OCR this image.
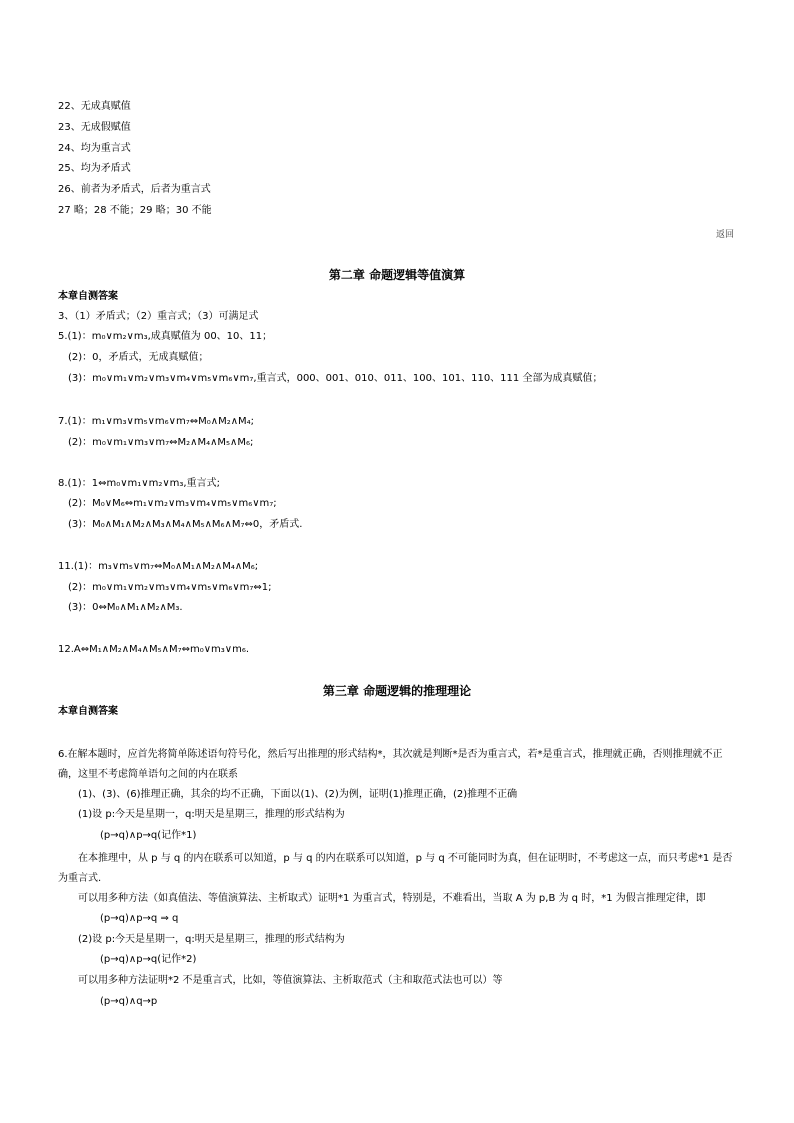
22、无成真赋值
23、无成假赋值
24、均为重言式
25、均为矛盾式
26、前者为矛盾式，后者为重言式
27 略；28 不能；29 略；30 不能
返回
第二章 命题逻辑等值演算
本章自测答案
3、（1）矛盾式；（2）重言式；（3）可满足式
5.(1)：m₀∨m₂∨m₃,成真赋值为 00、10、11；
(2)：0，矛盾式，无成真赋值；
(3)：m₀∨m₁∨m₂∨m₃∨m₄∨m₅∨m₆∨m₇,重言式，000、001、010、011、100、101、110、111 全部为成真赋值；
7.(1)：m₁∨m₃∨m₅∨m₆∨m₇⇔M₀∧M₂∧M₄;
(2)：m₀∨m₁∨m₃∨m₇⇔M₂∧M₄∧M₅∧M₆;
8.(1)：1⇔m₀∨m₁∨m₂∨m₃,重言式;
(2)：M₀∨M₆⇔m₁∨m₂∨m₃∨m₄∨m₅∨m₆∨m₇;
(3)：M₀∧M₁∧M₂∧M₃∧M₄∧M₅∧M₆∧M₇⇔0，矛盾式.
11.(1)：m₃∨m₅∨m₇⇔M₀∧M₁∧M₂∧M₄∧M₆;
(2)：m₀∨m₁∨m₂∨m₃∨m₄∨m₅∨m₆∨m₇⇔1;
(3)：0⇔M₀∧M₁∧M₂∧M₃.
12.A⇔M₁∧M₂∧M₄∧M₅∧M₇⇔m₀∨m₃∨m₆.
第三章 命题逻辑的推理理论
本章自测答案
6.在解本题时，应首先将简单陈述语句符号化，然后写出推理的形式结构*，其次就是判断*是否为重言式，若*是重言式，推理就正确，否则推理就不正确，这里不考虑简单语句之间的内在联系
(1)、(3)、(6)推理正确，其余的均不正确，下面以(1)、(2)为例，证明(1)推理正确，(2)推理不正确
(1)设 p:今天是星期一，q:明天是星期三，推理的形式结构为
(p→q)∧p→q(记作*1)
在本推理中，从 p 与 q 的内在联系可以知道，p 与 q 的内在联系可以知道，p 与 q 不可能同时为真，但在证明时，不考虑这一点，而只考虑*1 是否为重言式.
可以用多种方法（如真值法、等值演算法、主析取式）证明*1 为重言式，特别是，不难看出，当取 A 为 p,B 为 q 时，*1 为假言推理定律，即
(p→q)∧p→q ⇒ q
(2)设 p:今天是星期一，q:明天是星期三，推理的形式结构为
(p→q)∧p→q(记作*2)
可以用多种方法证明*2 不是重言式，比如，等值演算法、主析取范式（主和取范式法也可以）等
(p→q)∧q→p
